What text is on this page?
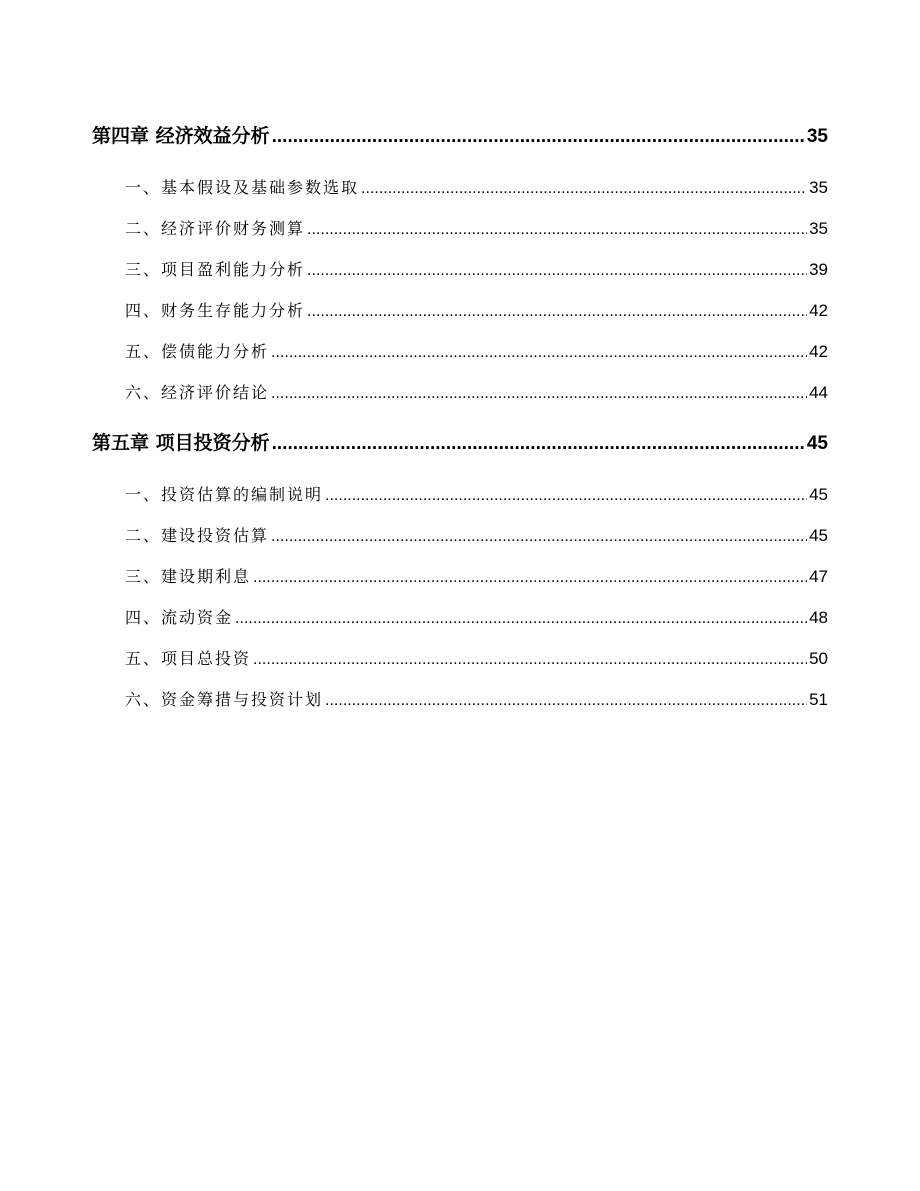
第四章 经济效益分析 .....	35
一、 基本假设及基础参数选取 .....	35
二、 经济评价财务测算 .....	35
三、 项目盈利能力分析 .....	39
四、 财务生存能力分析 .....	42
五、 偿债能力分析 .....	42
六、 经济评价结论 .....	44
第五章 项目投资分析 .....	45
一、 投资估算的编制说明 .....	45
二、 建设投资估算 .....	45
三、 建设期利息 .....	47
四、 流动资金 .....	48
五、 项目总投资 .....	50
六、 资金筹措与投资计划 .....	51
